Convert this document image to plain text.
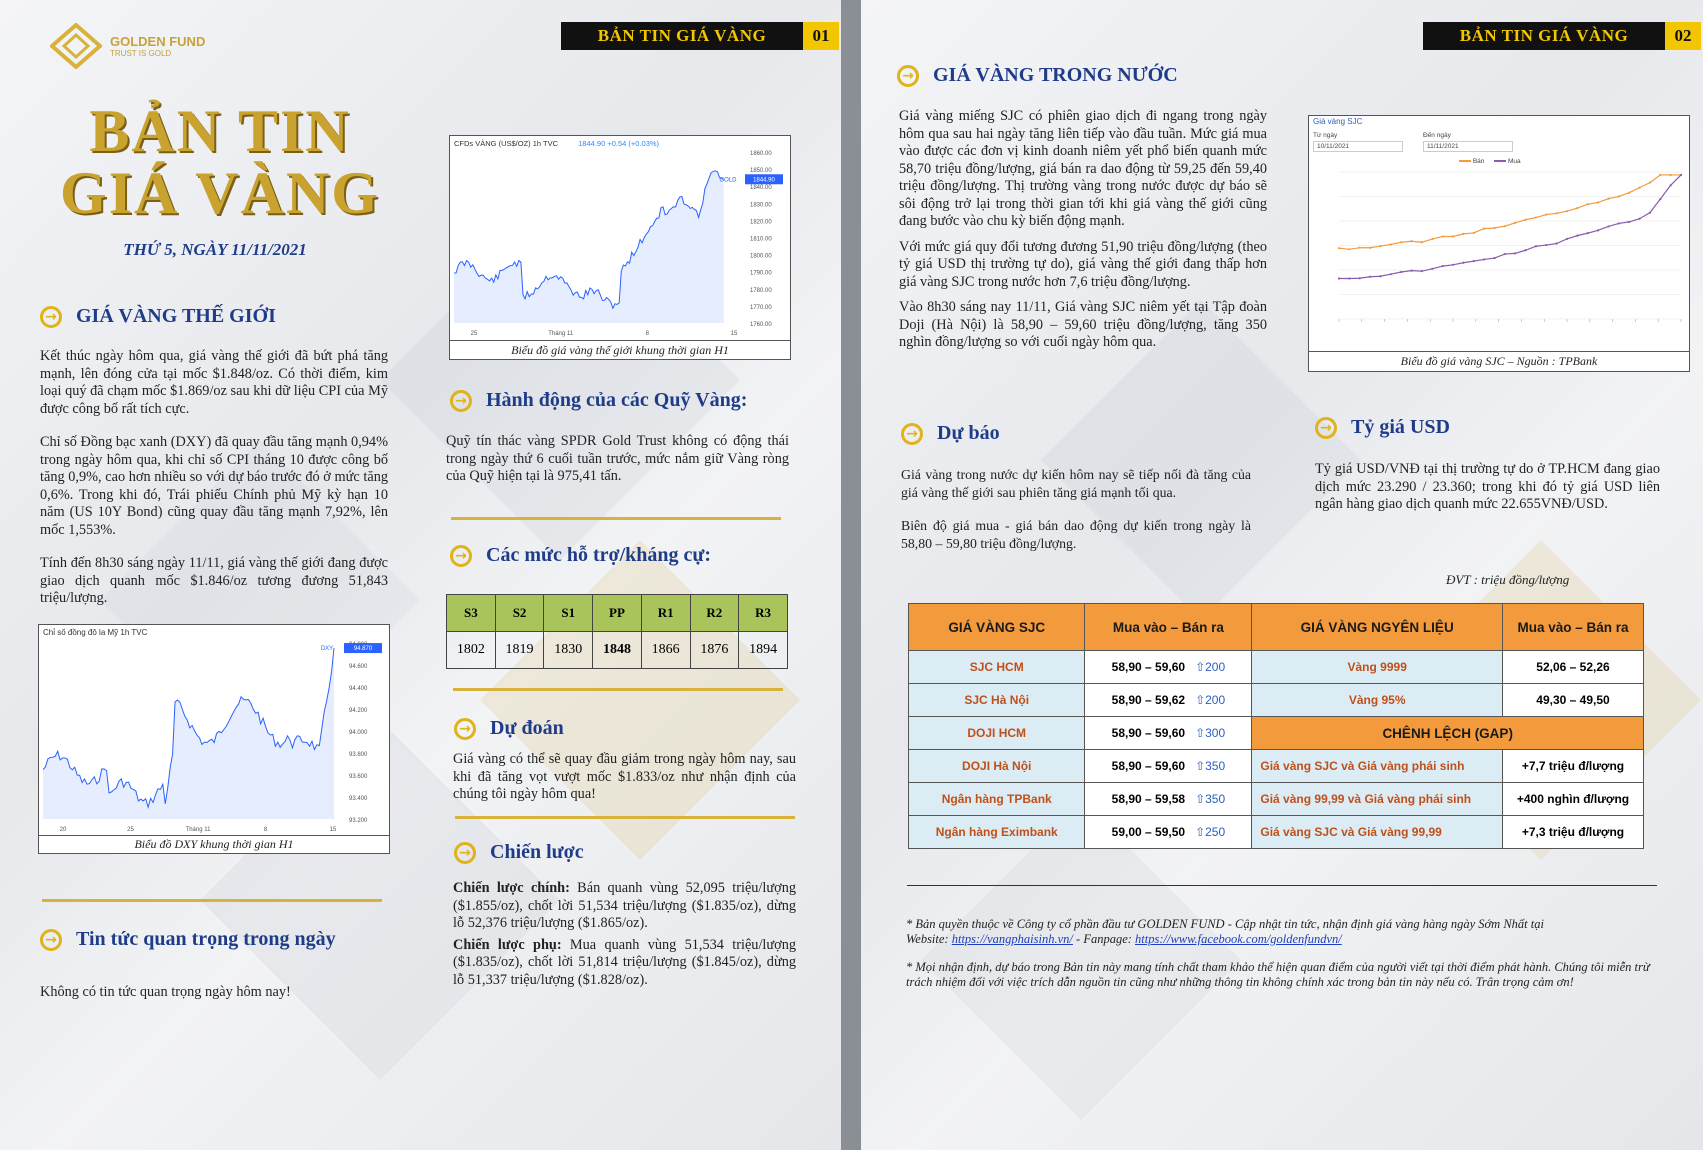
GOLDEN FUND
TRUST IS GOLD
BẢN TIN GIÁ VÀNG	01
BẢN TIN
GIÁ VÀNG
THỨ 5, NGÀY 11/11/2021
→ GIÁ VÀNG THẾ GIỚI

Kết thúc ngày hôm qua, giá vàng thế giới đã bứt phá tăng mạnh, lên đóng cửa tại mốc $1.848/oz. Có thời điểm, kim loại quý đã chạm mốc $1.869/oz sau khi dữ liệu CPI của Mỹ được công bố rất tích cực.

Chỉ số Đồng bạc xanh (DXY) đã quay đầu tăng mạnh 0,94% trong ngày hôm qua, khi chỉ số CPI tháng 10 được công bố tăng 0,9%, cao hơn nhiều so với dự báo trước đó ở mức tăng 0,6%. Trong khi đó, Trái phiếu Chính phủ Mỹ kỳ hạn 10 năm (US 10Y Bond) cũng quay đầu tăng mạnh 7,92%, lên mốc 1,553%.

Tính đến 8h30 sáng ngày 11/11, giá vàng thế giới đang được giao dịch quanh mốc $1.846/oz tương đương 51,843 triệu/lượng.

Chỉ số đồng đô la Mỹ 1h TVC
94.600
94.400
94.200
94.000
93.800
93.600
93.400
93.200
20	25	Tháng 11	8	15
94.870
DXY
Biểu đồ DXY khung thời gian H1
→ Tin tức quan trọng trong ngày
Không có tin tức quan trọng ngày hôm nay!
CFDs VÀNG (US$/OZ) 1h TVC	1844.90 +0.54 (+0.03%)
1860.00
1850.00
1840.00
1830.00
1820.00
1810.00
1800.00
1790.00
1780.00
1770.00
1760.00
25	Tháng 11	8	15
1844.90
GOLD
Biểu đồ giá vàng thế giới khung thời gian H1
→ Hành động của các Quỹ Vàng:
Quỹ tín thác vàng SPDR Gold Trust không có động thái trong ngày thứ 6 cuối tuần trước, mức nắm giữ Vàng ròng của Quỹ hiện tại là 975,41 tấn.
→ Các mức hỗ trợ/kháng cự:
S3	S2	S1	PP	R1	R2	R3
1802	1819	1830	1848	1866	1876	1894
→ Dự đoán
Giá vàng có thể sẽ quay đầu giảm trong ngày hôm nay, sau khi đã tăng vọt vượt mốc $1.833/oz như nhận định của chúng tôi ngày hôm qua!
→ Chiến lược

Chiến lược chính: Bán quanh vùng 52,095 triệu/lượng ($1.855/oz), chốt lời 51,534 triệu/lượng ($1.835/oz), dừng lỗ 52,376 triệu/lượng ($1.865/oz).

Chiến lược phụ: Mua quanh vùng 51,534 triệu/lượng ($1.835/oz), chốt lời 51,814 triệu/lượng ($1.845/oz), dừng lỗ 51,337 triệu/lượng ($1.828/oz).

BẢN TIN GIÁ VÀNG	02
→ GIÁ VÀNG TRONG NƯỚC

Giá vàng miếng SJC có phiên giao dịch đi ngang trong ngày hôm qua sau hai ngày tăng liên tiếp vào đầu tuần. Mức giá mua vào được các đơn vị kinh doanh niêm yết phổ biến quanh mức 58,70 triệu đồng/lượng, giá bán ra dao động từ 59,25 đến 59,40 triệu đồng/lượng. Thị trường vàng trong nước được dự báo sẽ sôi động trở lại trong thời gian tới khi giá vàng thế giới cũng đang bước vào chu kỳ biến động mạnh.

Với mức giá quy đổi tương đương 51,90 triệu đồng/lượng (theo tỷ giá USD thị trường tự do), giá vàng thế giới đang thấp hơn giá vàng SJC trong nước hơn 7,6 triệu đồng/lượng.

Vào 8h30 sáng nay 11/11, Giá vàng SJC niêm yết tại Tập đoàn Doji (Hà Nội) là 58,90 – 59,60 triệu đồng/lượng, tăng 350 nghìn đồng/lượng so với cuối ngày hôm qua.

Giá vàng SJC
Từ ngày
10/11/2021
Đến ngày
11/11/2021
Bán	Mua
Biểu đồ giá vàng SJC – Nguồn : TPBank
→ Dự báo

Giá vàng trong nước dự kiến hôm nay sẽ tiếp nối đà tăng của giá vàng thế giới sau phiên tăng giá mạnh tối qua.

Biên độ giá mua - giá bán dao động dự kiến trong ngày là 58,80 – 59,80 triệu đồng/lượng.

→ Tỷ giá USD
Tỷ giá USD/VNĐ tại thị trường tự do ở TP.HCM đang giao dịch mức 23.290 / 23.360; trong khi đó tỷ giá USD liên ngân hàng giao dịch quanh mức 22.655VNĐ/USD.
ĐVT : triệu đồng/lượng
GIÁ VÀNG SJC	Mua vào – Bán ra	GIÁ VÀNG NGYÊN LIỆU	Mua vào – Bán ra
SJC HCM	58,90 – 59,60 ⇧200	Vàng 9999	52,06 – 52,26
SJC Hà Nội	58,90 – 59,62 ⇧200	Vàng 95%	49,30 – 49,50
DOJI HCM	58,90 – 59,60 ⇧300	CHÊNH LỆCH (GAP)	
DOJI Hà Nội	58,90 – 59,60 ⇧350	Giá vàng SJC và Giá vàng phái sinh	+7,7 triệu đ/lượng
Ngân hàng TPBank	58,90 – 59,58 ⇧350	Giá vàng 99,99 và Giá vàng phái sinh	+400 nghìn đ/lượng
Ngân hàng Eximbank	59,00 – 59,50 ⇧250	Giá vàng SJC và Giá vàng 99,99	+7,3 triệu đ/lượng
* Bản quyền thuộc về Công ty cổ phần đầu tư GOLDEN FUND - Cập nhật tin tức, nhận định giá vàng hàng ngày Sớm Nhất tại
Website: https://vangphaisinh.vn/ - Fanpage: https://www.facebook.com/goldenfundvn/
* Mọi nhận định, dự báo trong Bản tin này mang tính chất tham khảo thể hiện quan điểm của người viết tại thời điểm phát hành. Chúng tôi miễn trừ trách nhiệm đối với việc trích dẫn nguồn tin cũng như những thông tin không chính xác trong bản tin này nếu có. Trân trọng cảm ơn!
